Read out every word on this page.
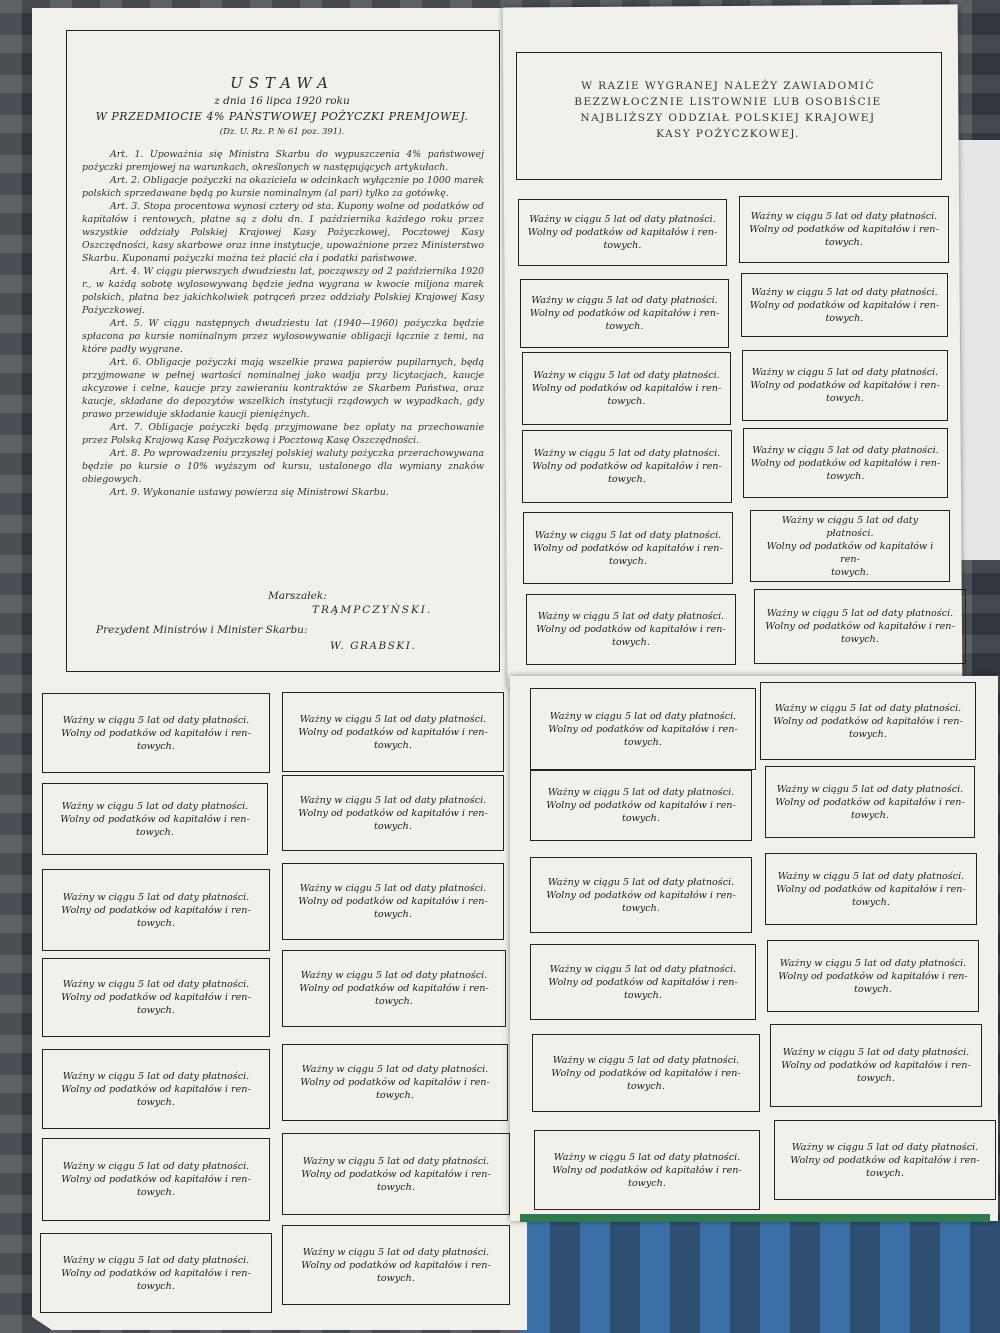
USTAWA
z dnia 16 lipca 1920 roku
W PRZEDMIOCIE 4% PAŃSTWOWEJ POŻYCZKI PREMJOWEJ.
(Dz. U. Rz. P. № 61 poz. 391).

Art. 1. Upoważnia się Ministra Skarbu do wypuszczenia 4% państwowej pożyczki premjowej na warunkach, określonych w następujących artykułach.

Art. 2. Obligacje pożyczki na okaziciela w odcinkach wyłącznie po 1000 marek polskich sprzedawane będą po kursie nominalnym (al pari) tylko za gotówkę.

Art. 3. Stopa procentowa wynosi cztery od sta. Kupony wolne od podatków od kapitałów i rentowych, płatne są z dołu dn. 1 października każdego roku przez wszystkie oddziały Polskiej Krajowej Kasy Pożyczkowej, Pocztowej Kasy Oszczędności, kasy skarbowe oraz inne instytucje, upoważnione przez Ministerstwo Skarbu. Kuponami pożyczki można też płacić cła i podatki państwowe.

Art. 4. W ciągu pierwszych dwudziestu lat, począwszy od 2 października 1920 r., w każdą sobotę wylosowywaną będzie jedna wygrana w kwocie miljona marek polskich, płatna bez jakichkolwiek potrąceń przez oddziały Polskiej Krajowej Kasy Pożyczkowej.

Art. 5. W ciągu następnych dwudziestu lat (1940—1960) pożyczka będzie spłacona po kursie nominalnym przez wylosowywanie obligacji łącznie z temi, na które padły wygrane.

Art. 6. Obligacje pożyczki mają wszelkie prawa papierów pupilarnych, będą przyjmowane w pełnej wartości nominalnej jako wadja przy licytacjach, kaucje akcyzowe i celne, kaucje przy zawieraniu kontraktów ze Skarbem Państwa, oraz kaucje, składane do depozytów wszelkich instytucji rządowych w wypadkach, gdy prawo przewiduje składanie kaucji pieniężnych.

Art. 7. Obligacje pożyczki będą przyjmowane bez opłaty na przechowanie przez Polską Krajową Kasę Pożyczkową i Pocztową Kasę Oszczędności.

Art. 8. Po wprowadzeniu przyszłej polskiej waluty pożyczka przerachowywana będzie po kursie o 10% wyższym od kursu, ustalonego dla wymiany znaków obiegowych.

Art. 9. Wykonanie ustawy powierza się Ministrowi Skarbu.

Marszałek:
TRĄMPCZYŃSKI.
Prezydent Ministrów i Minister Skarbu:
W. GRABSKI.
W RAZIE WYGRANEJ NALEŻY ZAWIADOMIĆ
BEZZWŁOCZNIE LISTOWNIE LUB OSOBIŚCIE
NAJBLIŻSZY ODDZIAŁ POLSKIEJ KRAJOWEJ
KASY POŻYCZKOWEJ.
Ważny w ciągu 5 lat od daty płatności.
Wolny od podatków od kapitałów i ren-
towych.
Ważny w ciągu 5 lat od daty płatności.
Wolny od podatków od kapitałów i ren-
towych.
Ważny w ciągu 5 lat od daty płatności.
Wolny od podatków od kapitałów i ren-
towych.
Ważny w ciągu 5 lat od daty płatności.
Wolny od podatków od kapitałów i ren-
towych.
Ważny w ciągu 5 lat od daty płatności.
Wolny od podatków od kapitałów i ren-
towych.
Ważny w ciągu 5 lat od daty płatności.
Wolny od podatków od kapitałów i ren-
towych.
Ważny w ciągu 5 lat od daty płatności.
Wolny od podatków od kapitałów i ren-
towych.
Ważny w ciągu 5 lat od daty płatności.
Wolny od podatków od kapitałów i ren-
towych.
Ważny w ciągu 5 lat od daty płatności.
Wolny od podatków od kapitałów i ren-
towych.
Ważny w ciągu 5 lat od daty płatności.
Wolny od podatków od kapitałów i ren-
towych.
Ważny w ciągu 5 lat od daty płatności.
Wolny od podatków od kapitałów i ren-
towych.
Ważny w ciągu 5 lat od daty płatności.
Wolny od podatków od kapitałów i ren-
towych.
Ważny w ciągu 5 lat od daty płatności.
Wolny od podatków od kapitałów i ren-
towych.
Ważny w ciągu 5 lat od daty płatności.
Wolny od podatków od kapitałów i ren-
towych.
Ważny w ciągu 5 lat od daty płatności.
Wolny od podatków od kapitałów i ren-
towych.
Ważny w ciągu 5 lat od daty płatności.
Wolny od podatków od kapitałów i ren-
towych.
Ważny w ciągu 5 lat od daty płatności.
Wolny od podatków od kapitałów i ren-
towych.
Ważny w ciągu 5 lat od daty płatności.
Wolny od podatków od kapitałów i ren-
towych.
Ważny w ciągu 5 lat od daty płatności.
Wolny od podatków od kapitałów i ren-
towych.
Ważny w ciągu 5 lat od daty płatności.
Wolny od podatków od kapitałów i ren-
towych.
Ważny w ciągu 5 lat od daty płatności.
Wolny od podatków od kapitałów i ren-
towych.
Ważny w ciągu 5 lat od daty płatności.
Wolny od podatków od kapitałów i ren-
towych.
Ważny w ciągu 5 lat od daty płatności.
Wolny od podatków od kapitałów i ren-
towych.
Ważny w ciągu 5 lat od daty płatności.
Wolny od podatków od kapitałów i ren-
towych.
Ważny w ciągu 5 lat od daty płatności.
Wolny od podatków od kapitałów i ren-
towych.
Ważny w ciągu 5 lat od daty płatności.
Wolny od podatków od kapitałów i ren-
towych.
Ważny w ciągu 5 lat od daty płatności.
Wolny od podatków od kapitałów i ren-
towych.
Ważny w ciągu 5 lat od daty płatności.
Wolny od podatków od kapitałów i ren-
towych.
Ważny w ciągu 5 lat od daty płatności.
Wolny od podatków od kapitałów i ren-
towych.
Ważny w ciągu 5 lat od daty płatności.
Wolny od podatków od kapitałów i ren-
towych.
Ważny w ciągu 5 lat od daty płatności.
Wolny od podatków od kapitałów i ren-
towych.
Ważny w ciągu 5 lat od daty płatności.
Wolny od podatków od kapitałów i ren-
towych.
Ważny w ciągu 5 lat od daty płatności.
Wolny od podatków od kapitałów i ren-
towych.
Ważny w ciągu 5 lat od daty płatności.
Wolny od podatków od kapitałów i ren-
towych.
Ważny w ciągu 5 lat od daty płatności.
Wolny od podatków od kapitałów i ren-
towych.
Ważny w ciągu 5 lat od daty płatności.
Wolny od podatków od kapitałów i ren-
towych.
Ważny w ciągu 5 lat od daty płatności.
Wolny od podatków od kapitałów i ren-
towych.
Ważny w ciągu 5 lat od daty płatności.
Wolny od podatków od kapitałów i ren-
towych.
